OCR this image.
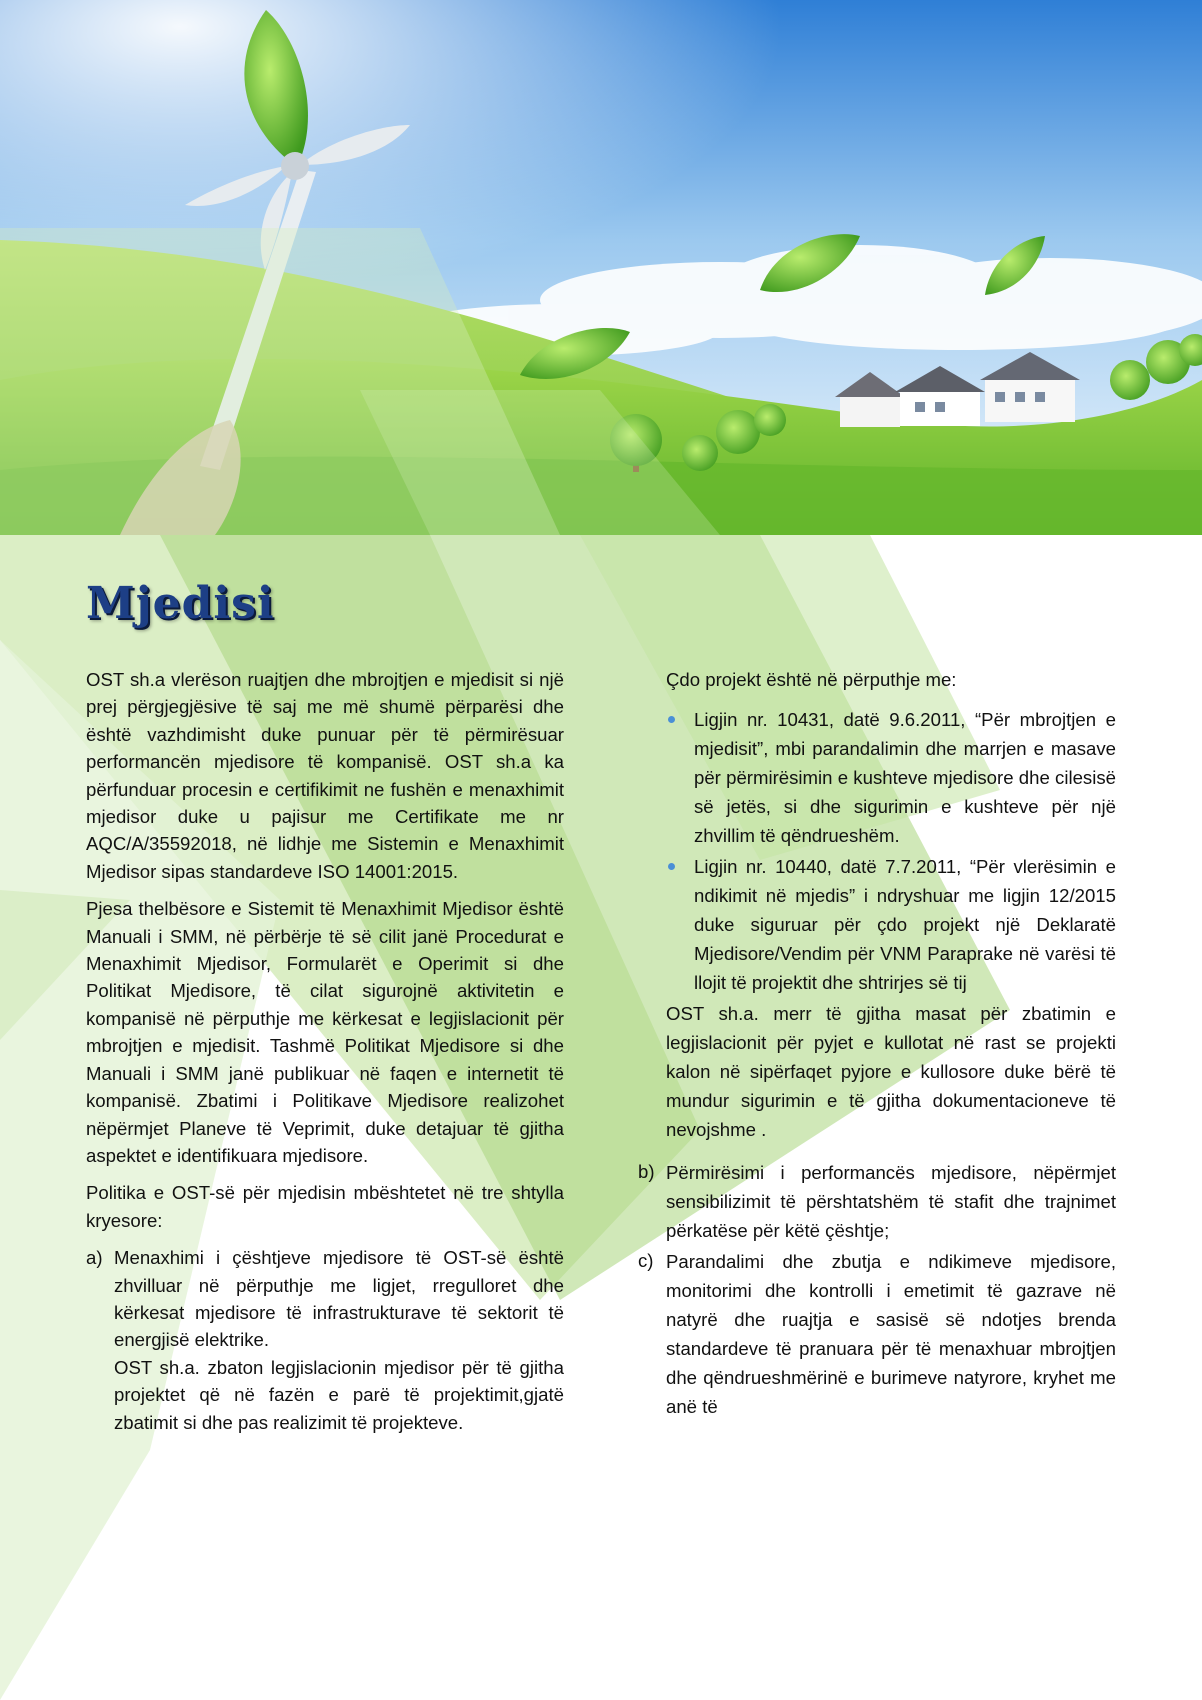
Mjedisi

OST sh.a vlerëson ruajtjen dhe mbrojtjen e mjedisit si një prej përgjegjësive të saj me më shumë përparësi dhe është vazhdimisht duke punuar për të përmirësuar performancën mjedisore të kompanisë. OST sh.a ka përfunduar procesin e certifikimit ne fushën e menaxhimit mjedisor duke u pajisur me Certifikate me nr AQC/A/35592018, në lidhje me Sistemin e Menaxhimit Mjedisor sipas standardeve ISO 14001:2015.

Pjesa thelbësore e Sistemit të Menaxhimit Mjedisor është Manuali i SMM, në përbërje të së cilit janë Procedurat e Menaxhimit Mjedisor, Formularët e Operimit si dhe Politikat Mjedisore, të cilat sigurojnë aktivitetin e kompanisë në përputhje me kërkesat e legjislacionit për mbrojtjen e mjedisit. Tashmë Politikat Mjedisore si dhe Manuali i SMM janë publikuar në faqen e internetit të kompanisë. Zbatimi i Politikave Mjedisore realizohet nëpërmjet Planeve të Veprimit, duke detajuar të gjitha aspektet e identifikuara mjedisore.

Politika e OST-së për mjedisin mbështetet në tre shtylla kryesore:

a) Menaxhimi i çështjeve mjedisore të OST-së është zhvilluar në përputhje me ligjet, rregulloret dhe kërkesat mjedisore të infrastrukturave të sektorit të energjisë elektrike.

OST sh.a. zbaton legjislacionin mjedisor për të gjitha projektet që në fazën e parë të projektimit,gjatë zbatimit si dhe pas realizimit të projekteve.

Çdo projekt është në përputhje me:

Ligjin nr. 10431, datë 9.6.2011, “Për mbrojtjen e mjedisit”, mbi parandalimin dhe marrjen e masave për përmirësimin e kushteve mjedisore dhe cilesisë së jetës, si dhe sigurimin e kushteve për një zhvillim të qëndrueshëm.
Ligjin nr. 10440, datë 7.7.2011, “Për vlerësimin e ndikimit në mjedis” i ndryshuar me ligjin 12/2015 duke siguruar për çdo projekt një Deklaratë Mjedisore/Vendim për VNM Paraprake në varësi të llojit të projektit dhe shtrirjes së tij

OST sh.a. merr të gjitha masat për zbatimin e legjislacionit për pyjet e kullotat në rast se projekti kalon në sipërfaqet pyjore e kullosore duke bërë të mundur sigurimin e të gjitha dokumentacioneve të nevojshme .

b) Përmirësimi i performancës mjedisore, nëpërmjet sensibilizimit të përshtatshëm të stafit dhe trajnimet përkatëse për këtë çështje;

c) Parandalimi dhe zbutja e ndikimeve mjedisore, monitorimi dhe kontrolli i emetimit të gazrave në natyrë dhe ruajtja e sasisë së ndotjes brenda standardeve të pranuara për të menaxhuar mbrojtjen dhe qëndrueshmërinë e burimeve natyrore, kryhet me anë të
